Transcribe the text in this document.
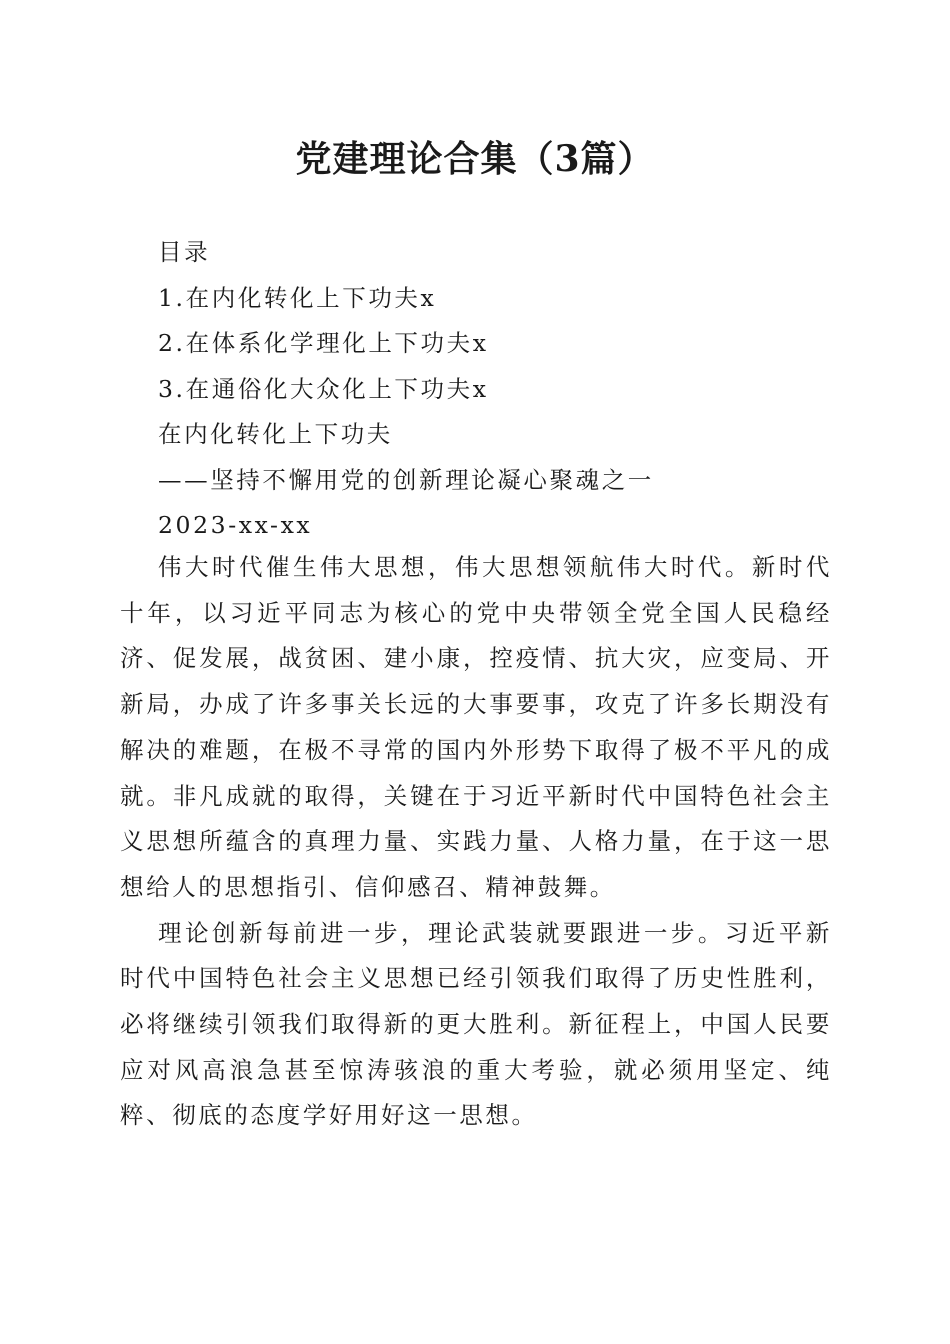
党建理论合集（3篇）
目录
1.在内化转化上下功夫x
2.在体系化学理化上下功夫x
3.在通俗化大众化上下功夫x
在内化转化上下功夫
——坚持不懈用党的创新理论凝心聚魂之一
2023-xx-xx

伟大时代催生伟大思想，伟大思想领航伟大时代。新时代十年，以习近平同志为核心的党中央带领全党全国人民稳经济、促发展，战贫困、建小康，控疫情、抗大灾，应变局、开新局，办成了许多事关长远的大事要事，攻克了许多长期没有解决的难题，在极不寻常的国内外形势下取得了极不平凡的成就。非凡成就的取得，关键在于习近平新时代中国特色社会主义思想所蕴含的真理力量、实践力量、人格力量，在于这一思想给人的思想指引、信仰感召、精神鼓舞。

理论创新每前进一步，理论武装就要跟进一步。习近平新时代中国特色社会主义思想已经引领我们取得了历史性胜利，必将继续引领我们取得新的更大胜利。新征程上，中国人民要应对风高浪急甚至惊涛骇浪的重大考验，就必须用坚定、纯粹、彻底的态度学好用好这一思想。
